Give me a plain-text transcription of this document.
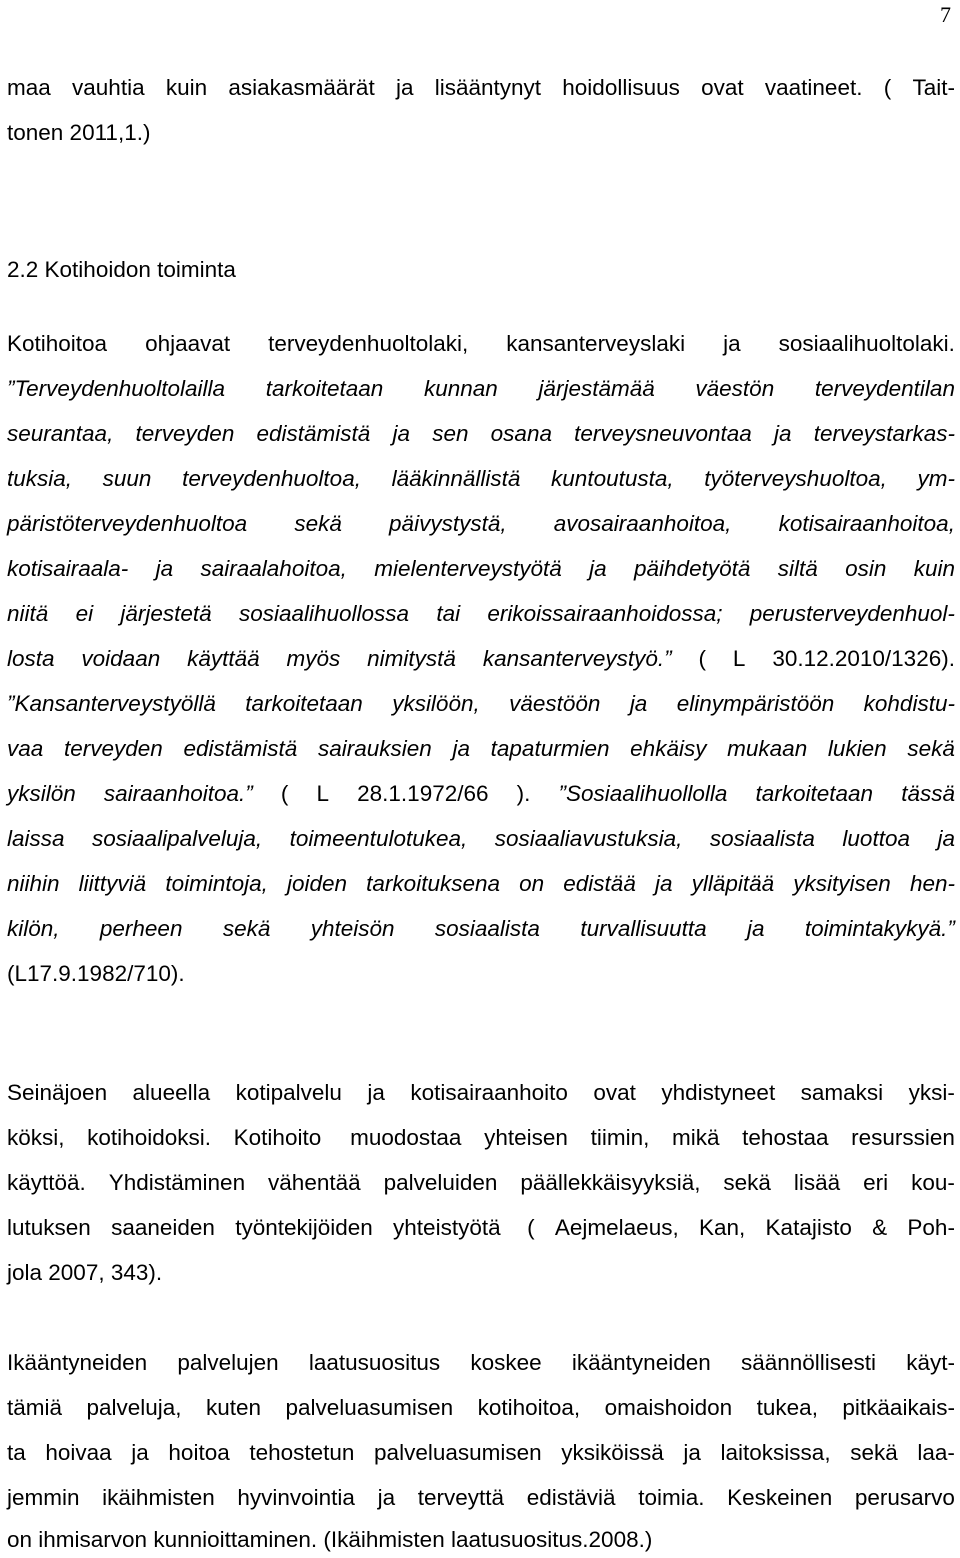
7
maa vauhtia kuin asiakasmäärät ja lisääntynyt hoidollisuus ovat vaatineet. ( Tait-
tonen 2011,1.)
2.2 Kotihoidon toiminta
Kotihoitoa ohjaavat terveydenhuoltolaki, kansanterveyslaki ja sosiaalihuoltolaki.
”Terveydenhuoltolailla tarkoitetaan kunnan järjestämää väestön terveydentilan
seurantaa, terveyden edistämistä ja sen osana terveysneuvontaa ja terveystarkas-
tuksia, suun terveydenhuoltoa, lääkinnällistä kuntoutusta, työterveyshuoltoa, ym-
päristöterveydenhuoltoa sekä päivystystä, avosairaanhoitoa, kotisairaanhoitoa,
kotisairaala- ja sairaalahoitoa, mielenterveystyötä ja päihdetyötä siltä osin kuin
niitä ei järjestetä sosiaalihuollossa tai erikoissairaanhoidossa; perusterveydenhuol-
losta voidaan käyttää myös nimitystä kansanterveystyö.” ( L 30.12.2010/1326).
”Kansanterveystyöllä tarkoitetaan yksilöön, väestöön ja elinympäristöön kohdistu-
vaa terveyden edistämistä sairauksien ja tapaturmien ehkäisy mukaan lukien sekä
yksilön sairaanhoitoa.” ( L 28.1.1972/66 ). ”Sosiaalihuollolla tarkoitetaan tässä
laissa sosiaalipalveluja, toimeentulotukea, sosiaaliavustuksia, sosiaalista luottoa ja
niihin liittyviä toimintoja, joiden tarkoituksena on edistää ja ylläpitää yksityisen hen-
kilön, perheen sekä yhteisön sosiaalista turvallisuutta ja toimintakykyä.”
(L17.9.1982/710).
Seinäjoen alueella kotipalvelu ja kotisairaanhoito ovat yhdistyneet samaksi yksi-
köksi, kotihoidoksi. Kotihoito muodostaa yhteisen tiimin, mikä tehostaa resurssien
käyttöä. Yhdistäminen vähentää palveluiden päällekkäisyyksiä, sekä lisää eri kou-
lutuksen saaneiden työntekijöiden yhteistyötä ( Aejmelaeus, Kan, Katajisto & Poh-
jola 2007, 343).
Ikääntyneiden palvelujen laatusuositus koskee ikääntyneiden säännöllisesti käyt-
tämiä palveluja, kuten palveluasumisen kotihoitoa, omaishoidon tukea, pitkäaikais-
ta hoivaa ja hoitoa tehostetun palveluasumisen yksiköissä ja laitoksissa, sekä laa-
jemmin ikäihmisten hyvinvointia ja terveyttä edistäviä toimia. Keskeinen perusarvo
on ihmisarvon kunnioittaminen. (Ikäihmisten laatusuositus.2008.)
